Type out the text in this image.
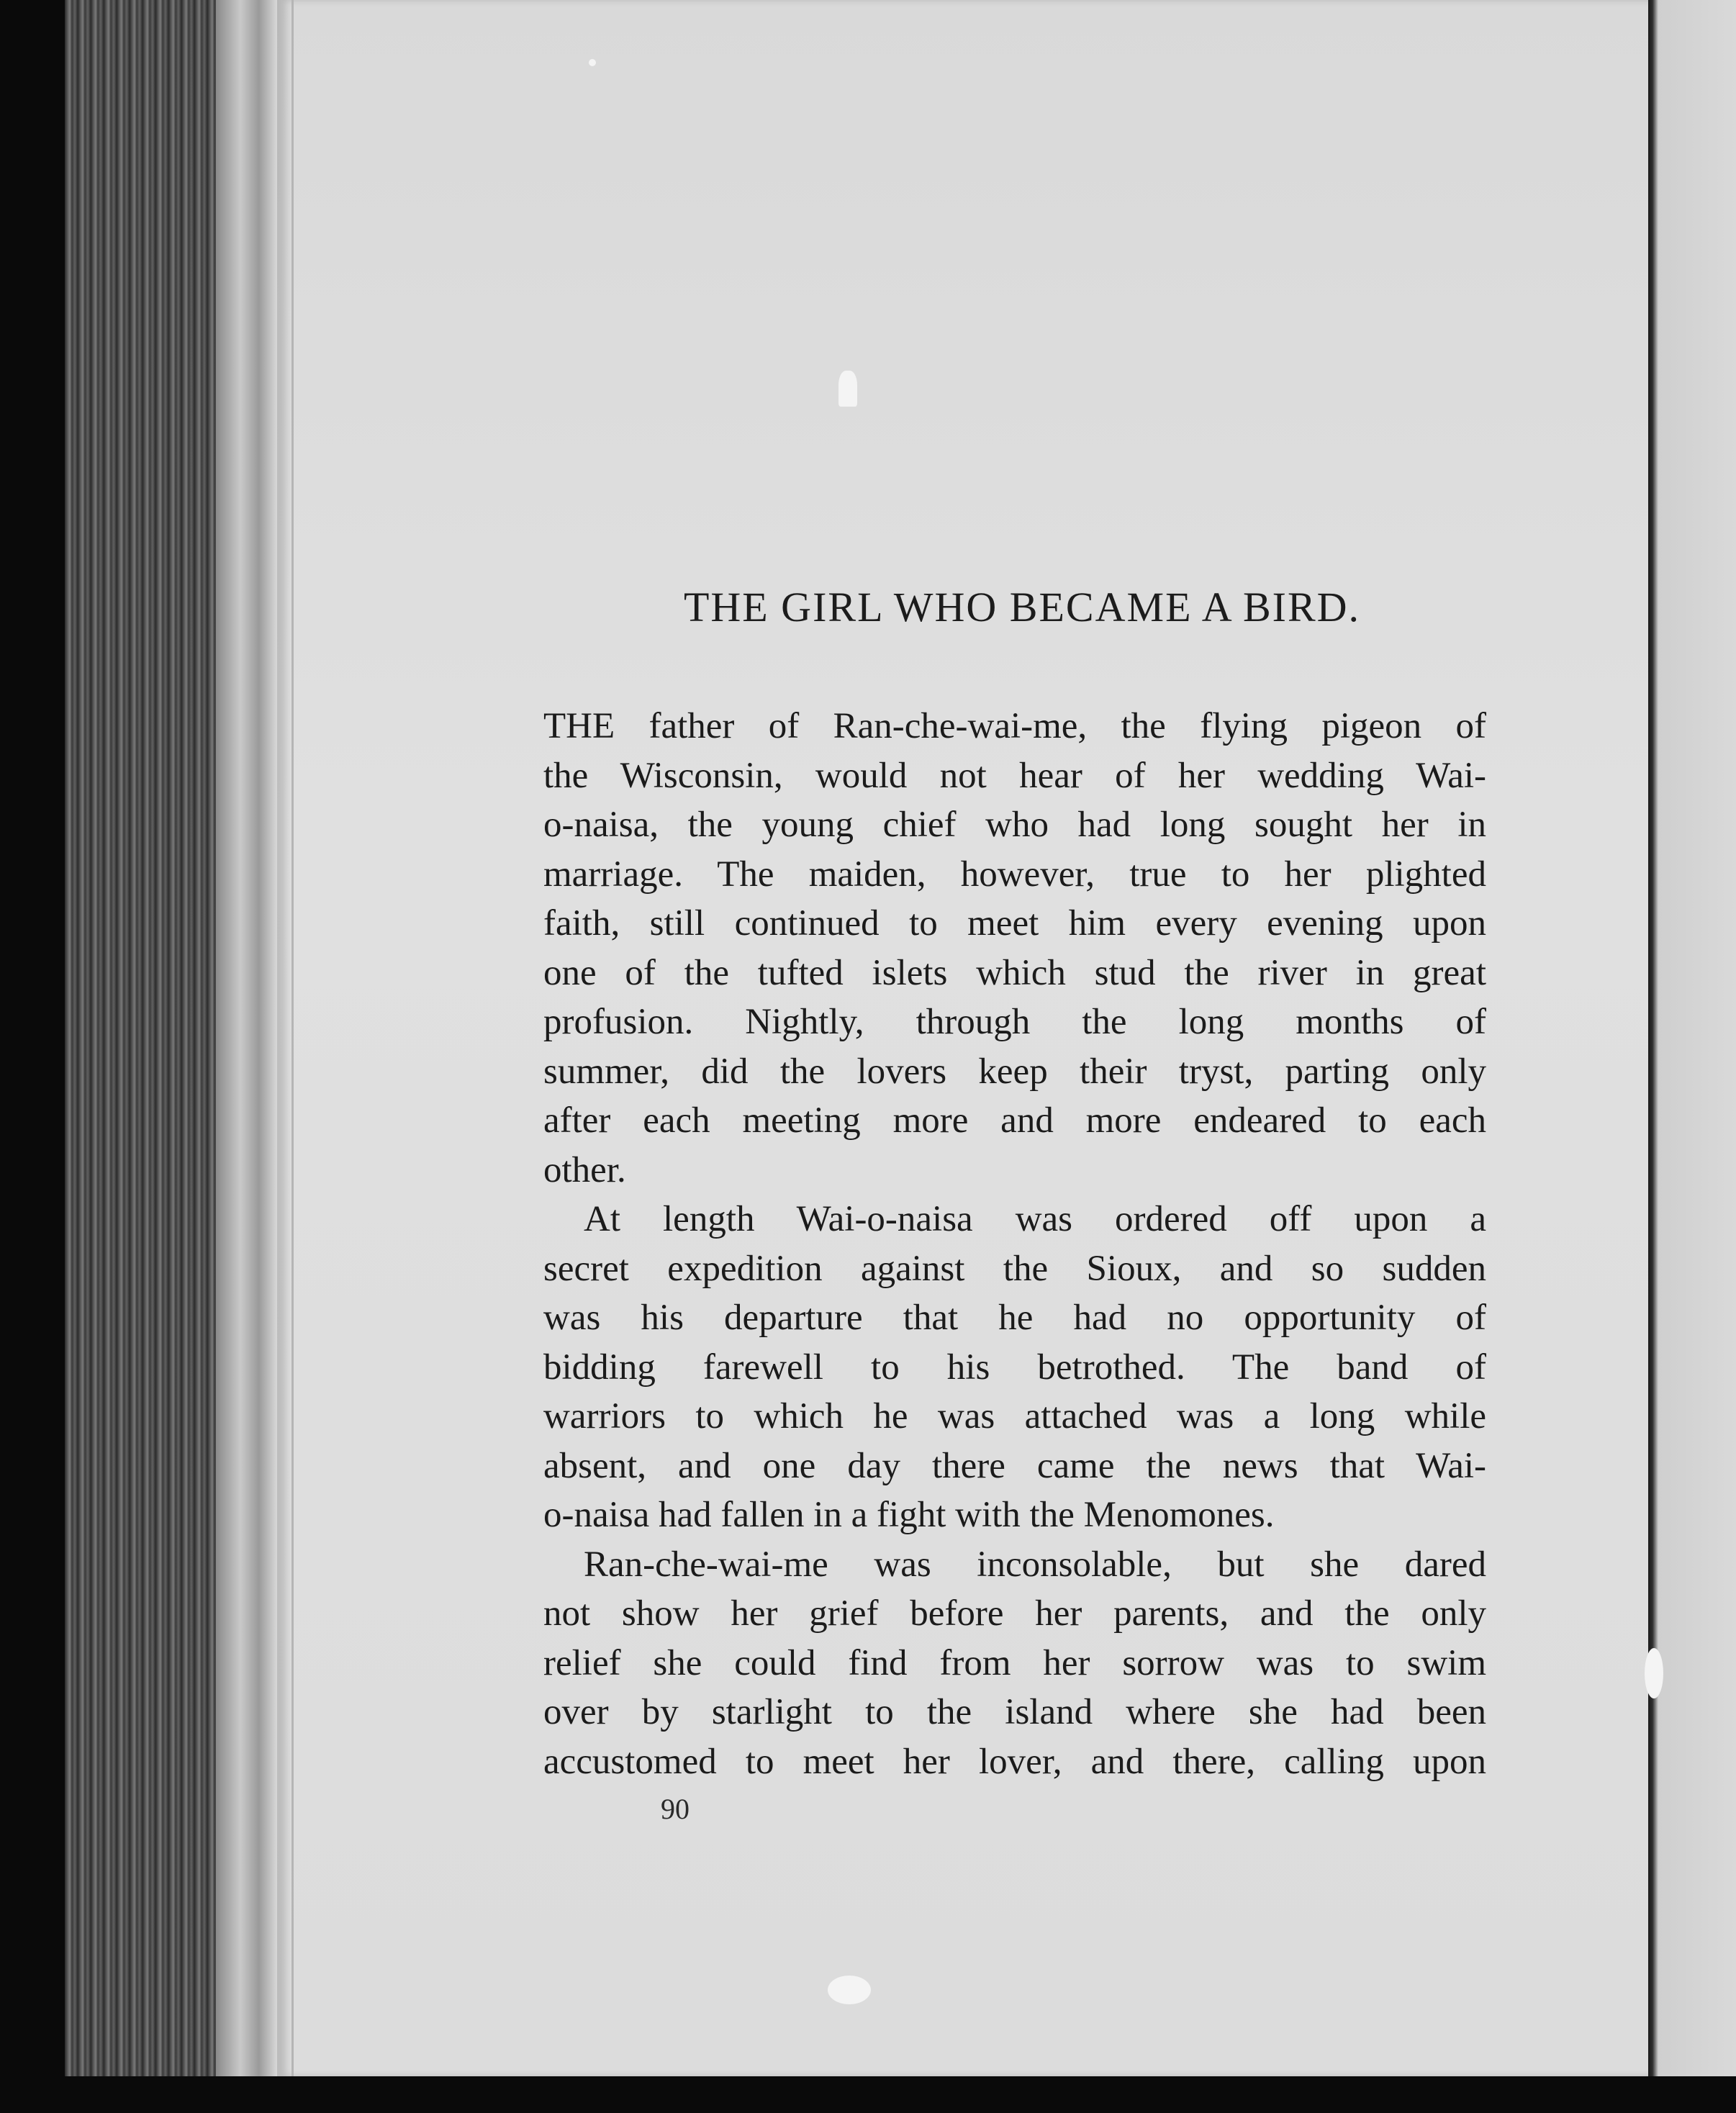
THE GIRL WHO BECAME A BIRD.
THE father of Ran-che-wai-me, the flying pigeon of
the Wisconsin, would not hear of her wedding Wai-
o-naisa, the young chief who had long sought her in
marriage. The maiden, however, true to her plighted
faith, still continued to meet him every evening upon
one of the tufted islets which stud the river in great
profusion. Nightly, through the long months of
summer, did the lovers keep their tryst, parting only
after each meeting more and more endeared to each
other.
At length Wai-o-naisa was ordered off upon a
secret expedition against the Sioux, and so sudden
was his departure that he had no opportunity of
bidding farewell to his betrothed. The band of
warriors to which he was attached was a long while
absent, and one day there came the news that Wai-
o-naisa had fallen in a fight with the Menomones.
Ran-che-wai-me was inconsolable, but she dared
not show her grief before her parents, and the only
relief she could find from her sorrow was to swim
over by starlight to the island where she had been
accustomed to meet her lover, and there, calling upon
90
